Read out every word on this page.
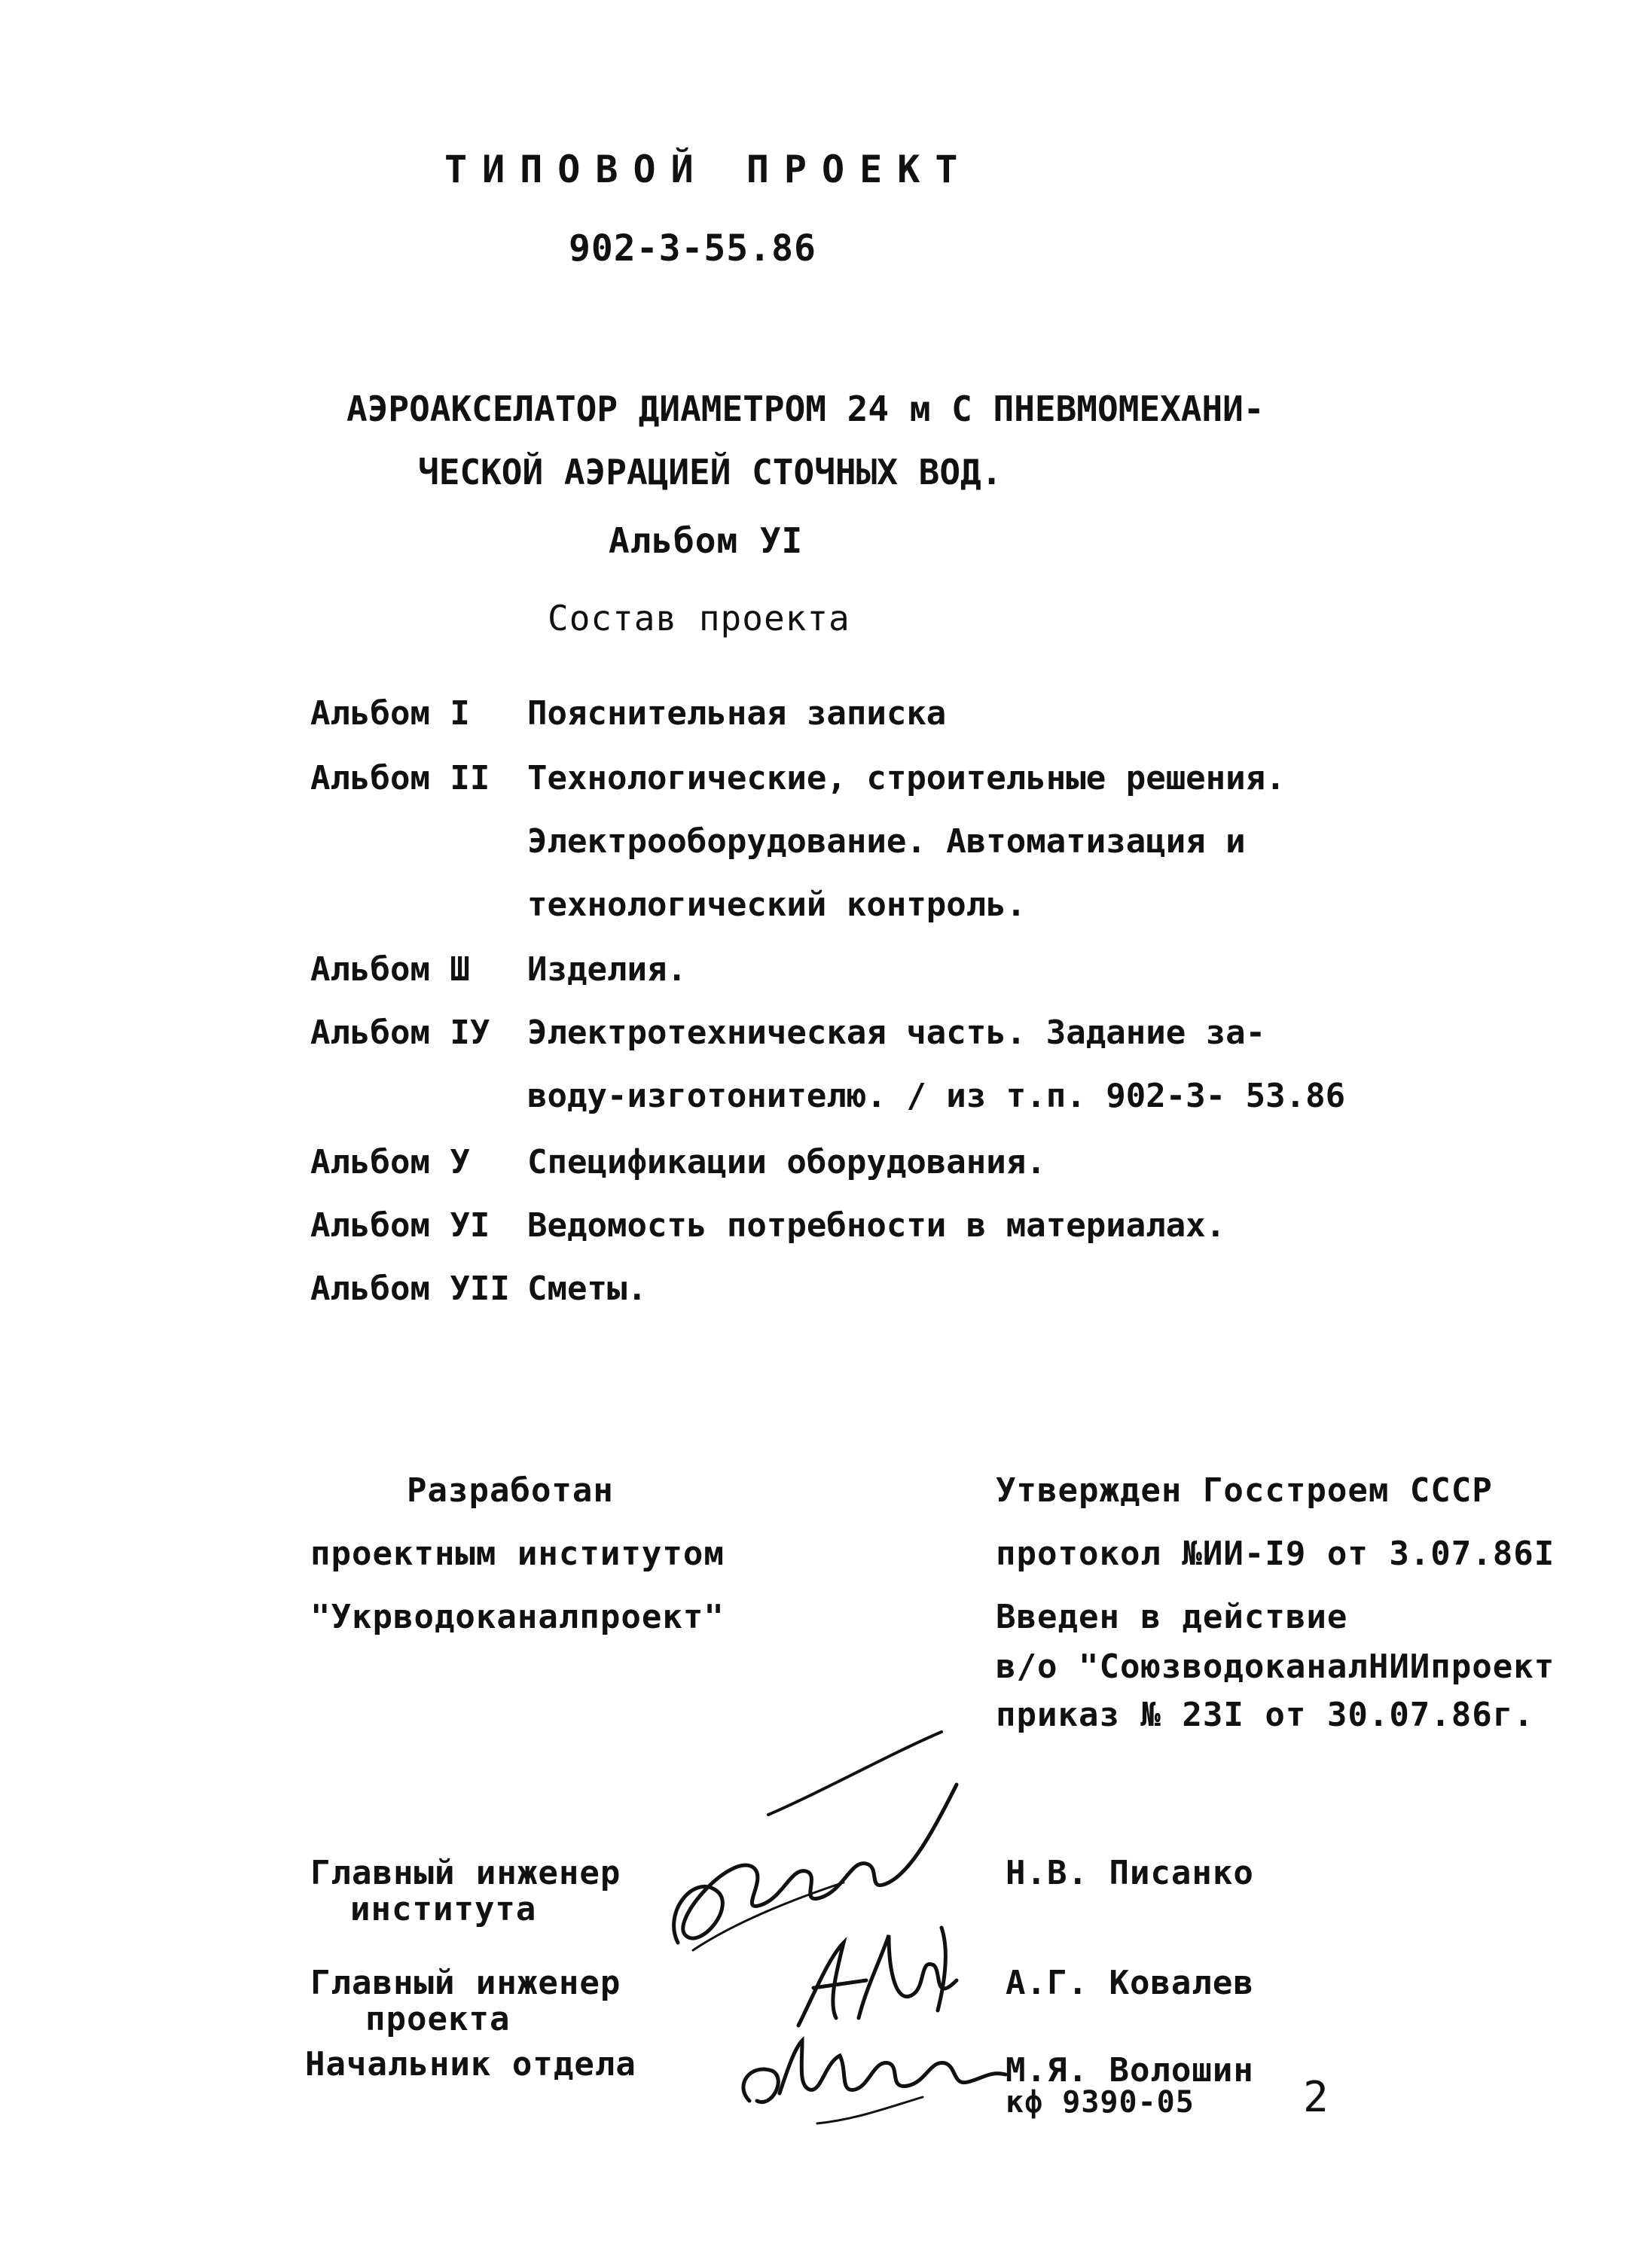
ТИПОВОЙ ПРОЕКТ
902-3-55.86
АЭРОАКСЕЛАТОР ДИАМЕТРОМ 24 м С ПНЕВМОМЕХАНИ-
ЧЕСКОЙ АЭРАЦИЕЙ СТОЧНЫХ ВОД.
Альбом УI
Состав проекта
Альбом I Пояснительная записка
Альбом II Технологические, строительные решения.
Электрооборудование. Автоматизация и
технологический контроль.
Альбом Ш Изделия.
Альбом IУ Электротехническая часть. Задание за-
воду-изготонителю. / из т.п. 902-3- 53.86
Альбом У Спецификации оборудования.
Альбом УI Ведомость потребности в материалах.
Альбом УII Сметы.
Разработан
проектным институтом
"Укрводоканалпроект"
Утвержден Госстроем СССР
протокол №ИИ-I9 от 3.07.86I
Введен в действие
в/о "СоюзводоканалНИИпроект
приказ № 23I от 30.07.86г.
Главный инженер
института
Н.В. Писанко
Главный инженер
проекта
А.Г. Ковалев
Начальник отдела	М.Я. Волошин
кф 9390-05	2
